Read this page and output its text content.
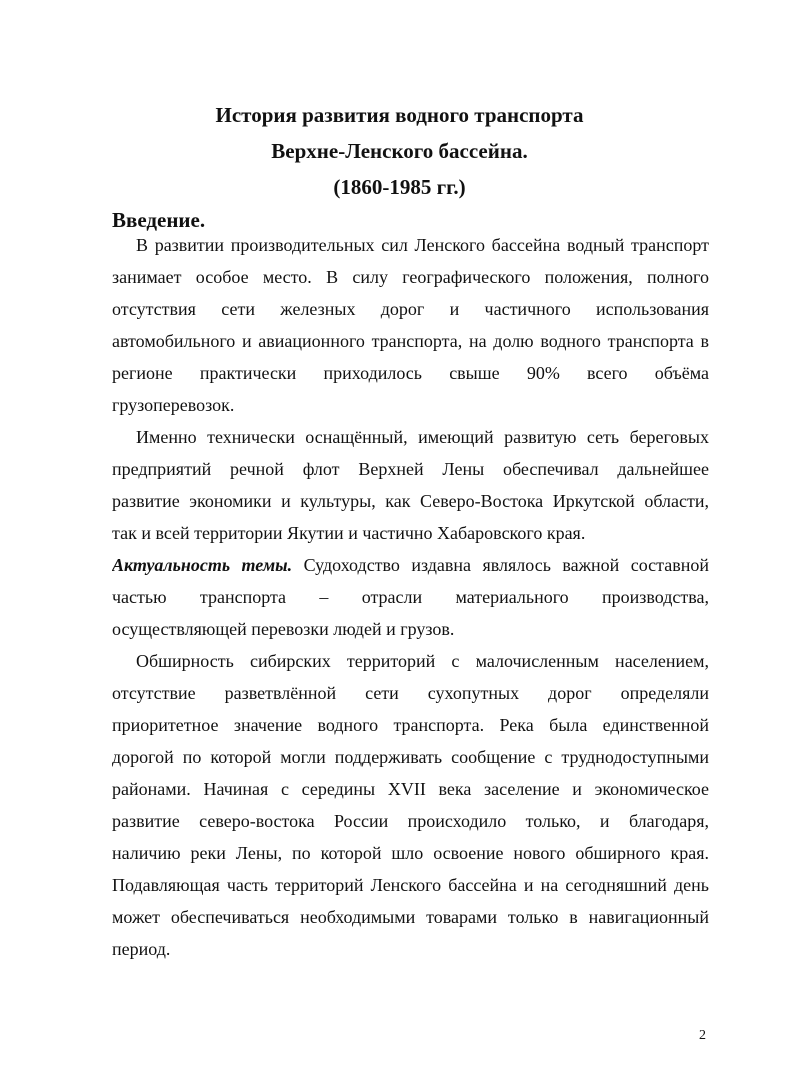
История развития водного транспорта
Верхне-Ленского бассейна.
(1860-1985 гг.)
Введение.
В развитии производительных сил Ленского бассейна водный транспорт
занимает особое место. В силу географического положения, полного
отсутствия сети железных дорог и частичного использования
автомобильного и авиационного транспорта, на долю водного транспорта в
регионе практически приходилось свыше 90% всего объёма
грузоперевозок.
Именно технически оснащённый, имеющий развитую сеть береговых
предприятий речной флот Верхней Лены обеспечивал дальнейшее
развитие экономики и культуры, как Северо-Востока Иркутской области,
так и всей территории Якутии и частично Хабаровского края.
Актуальность темы. Судоходство издавна являлось важной составной
частью транспорта – отрасли материального производства,
осуществляющей перевозки людей и грузов.
Обширность сибирских территорий с малочисленным населением,
отсутствие разветвлённой сети сухопутных дорог определяли
приоритетное значение водного транспорта. Река была единственной
дорогой по которой могли поддерживать сообщение с труднодоступными
районами. Начиная с середины XVII века заселение и экономическое
развитие северо-востока России происходило только, и благодаря,
наличию реки Лены, по которой шло освоение нового обширного края.
Подавляющая часть территорий Ленского бассейна и на сегодняшний день
может обеспечиваться необходимыми товарами только в навигационный
период.
2
